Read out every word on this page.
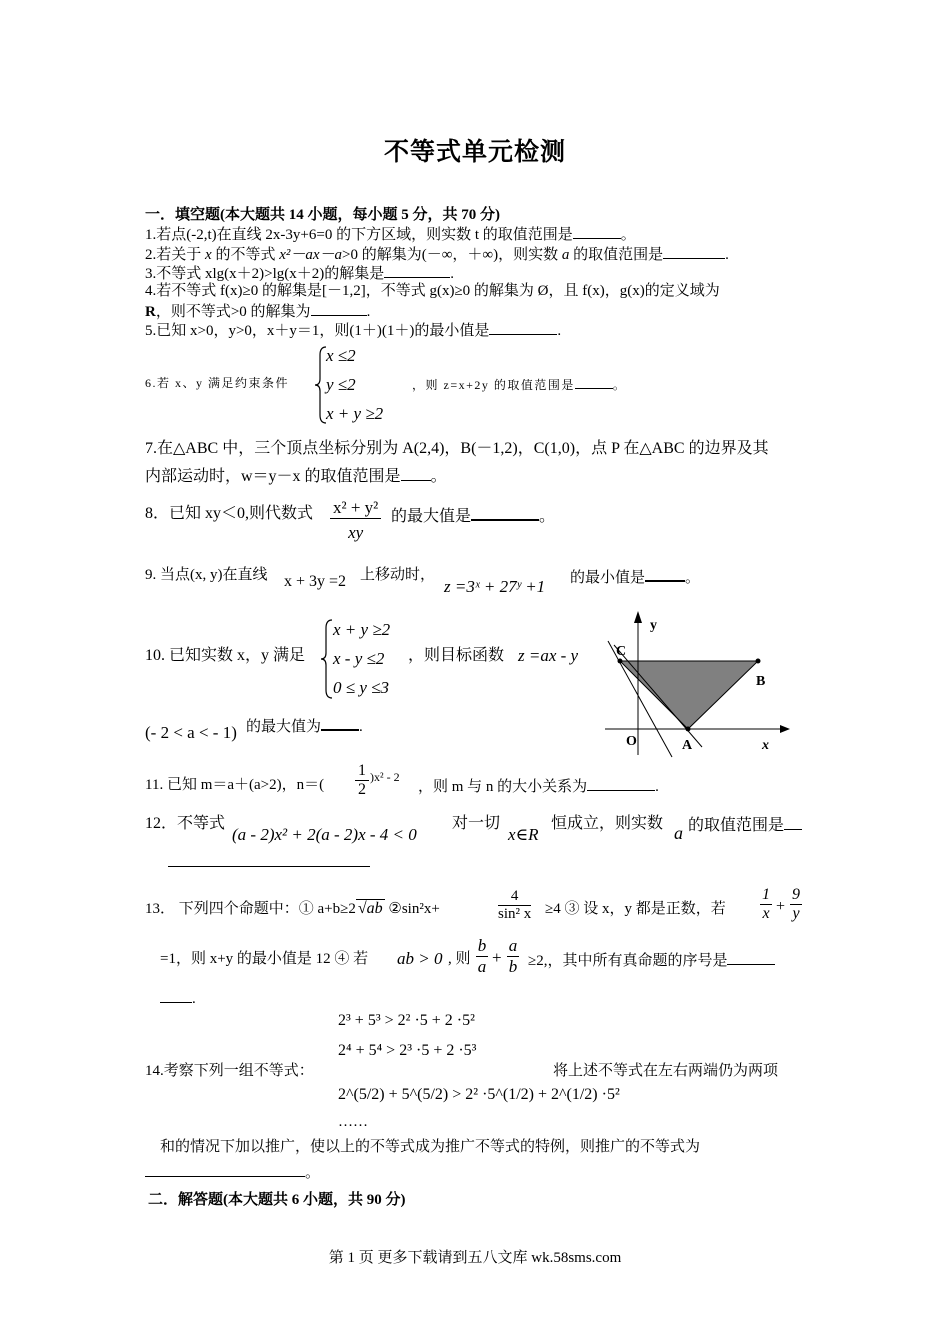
不等式单元检测
一．填空题(本大题共 14 小题，每小题 5 分，共 70 分)
1.若点(-2,t)在直线 2x-3y+6=0 的下方区域，则实数 t 的取值范围是	。
2.若关于 x 的不等式 x²－ax－a>0 的解集为(－∞，＋∞)，则实数 a 的取值范围是	.
3.不等式 xlg(x＋2)>lg(x＋2)的解集是	.
4.若不等式 f(x)≥0 的解集是[－1,2]，不等式 g(x)≥0 的解集为 Ø，且 f(x)，g(x)的定义域为
R，则不等式>0 的解集为	.
5.已知 x>0，y>0，x＋y＝1，则(1＋)(1＋)的最小值是	.
6.若 x、y 满足约束条件
x ≤2
y ≤2
x + y ≥2
，则 z=x+2y 的取值范围是	。
7.在△ABC 中，三个顶点坐标分别为 A(2,4)，B(－1,2)，C(1,0)，点 P 在△ABC 的边界及其
内部运动时，w＝y－x 的取值范围是 。
8．已知 xy＜0,则代数式 $\frac{\text{x² + y²}}{xy}$ 的最大值是	。
9. 当点(x, y)在直线 x + 3y =2 上移动时，
z =3ˣ + 27ʸ +1 的最小值是	。
10. 已知实数 x，y 满足
x + y ≥2
x - y ≤2
0 ≤ y ≤3
，则目标函数 z =ax - y
(- 2 < a < - 1) 的最大值为	.
y
x
C
B
O	A
11. 已知 m＝a＋(a>2)，$n=( \frac{1}{2} )x^2 - 2$
，则 m 与 n 的大小关系为	.
12．不等式
(a - 2)x² + 2(a - 2)x - 4 < 0
对一切
x∈R
恒成立，则实数 a 的取值范围是
13． 下列四个命题中：① a+b≥2 √ab ②sin²x+	$\frac{4}{\text{sin² x}} \ge 4$ ③ 设 x，y 都是正数，若 $\frac{1}{x} + \frac{9}{y}$
=1，则 x+y 的最小值是 12 ④ 若 ab > 0 , 则 $\frac{b}{a} + \frac{a}{b} \ge 2$,，其中所有真命题的序号是
.
2³ + 5³ > 2² ·5 + 2 ·5²
2⁴ + 5⁴ > 2³ ·5 + 2 ·5³
14.考察下列一组不等式：
2^(5/2) + 5^(5/2) > 2² ·5^(1/2) + 2^(1/2) ·5²
……
将上述不等式在左右两端仍为两项
和的情况下加以推广，使以上的不等式成为推广不等式的特例，则推广的不等式为
。
二．解答题(本大题共 6 小题，共 90 分)
第 1 页 更多下载请到五八文库 wk.58sms.com
